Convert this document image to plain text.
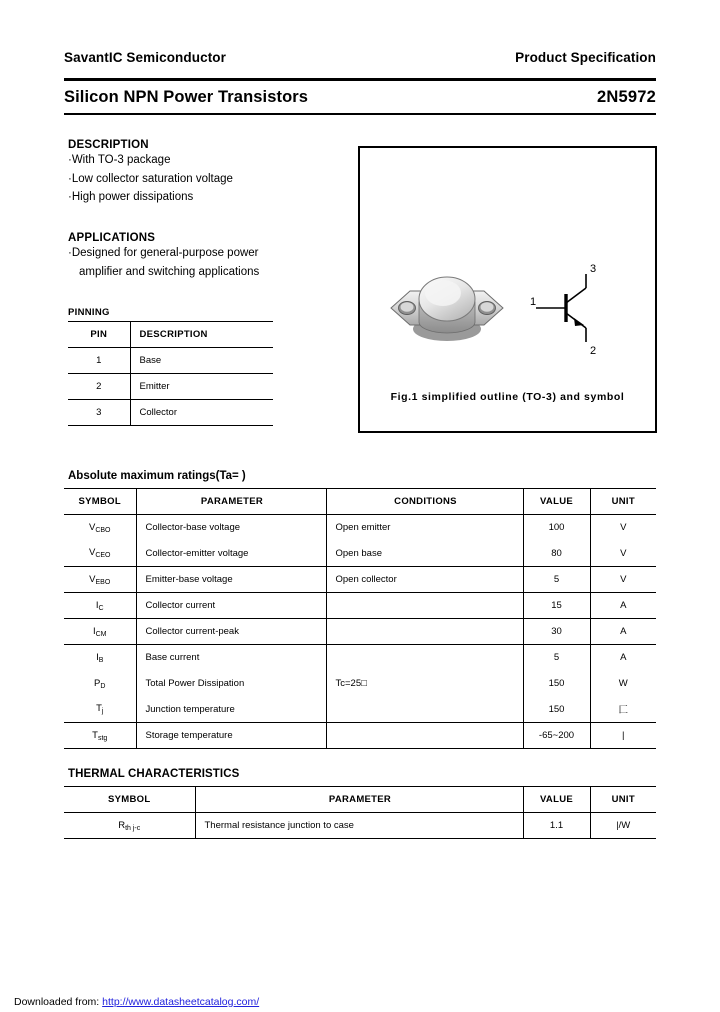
SavantIC Semiconductor	Product Specification
Silicon NPN Power Transistors	2N5972
DESCRIPTION
·With TO-3 package
·Low collector saturation voltage
·High power dissipations
APPLICATIONS
·Designed for general-purpose power
amplifier and switching applications
PINNING
PIN	DESCRIPTION
1	Base
2	Emitter
3	Collector
1
3
2
Fig.1 simplified outline (TO-3) and symbol
Absolute maximum ratings(Ta= )
SYMBOL	PARAMETER	CONDITIONS	VALUE	UNIT
$V_{CBO}$	Collector-base voltage	Open emitter	100	V
$V_{CEO}$	Collector-emitter voltage	Open base	80	V
$V_{EBO}$	Emitter-base voltage	Open collector	5	V
$I_C$	Collector current		15	A
$I_{CM}$	Collector current-peak		30	A
$I_B$	Base current		5	A
$P_D$	Total Power Dissipation	Tc=25□	150	W
$T_j$	Junction temperature		150	匚
$T_{stg}$	Storage temperature		-65~200	|
THERMAL CHARACTERISTICS
SYMBOL	PARAMETER	VALUE	UNIT
$R_{th j-c}$	Thermal resistance junction to case	1.1	|/W
Downloaded from: http://www.datasheetcatalog.com/
